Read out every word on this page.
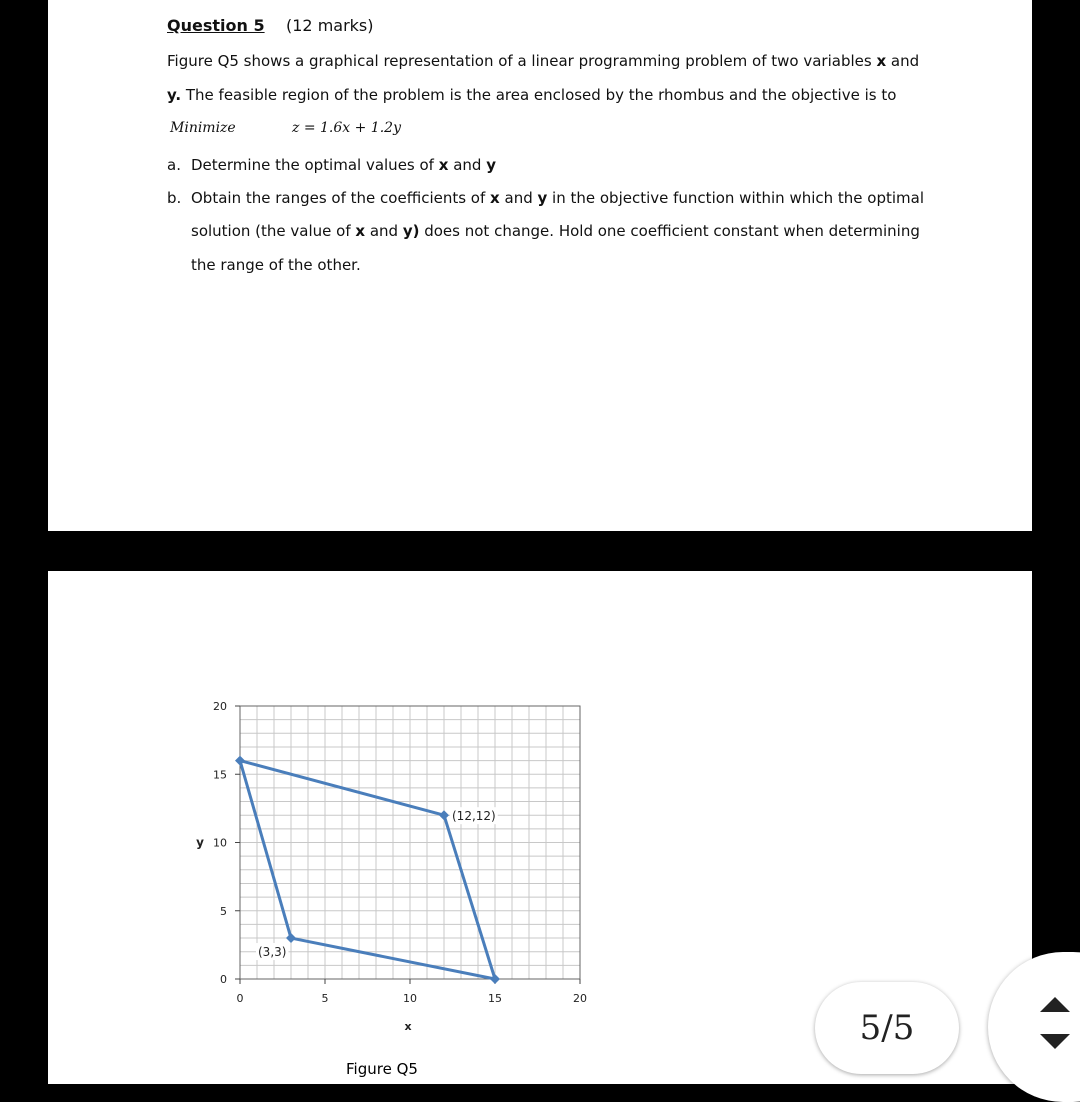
Question 5 (12 marks)
Figure Q5 shows a graphical representation of a linear programming problem of two variables x and
y. The feasible region of the problem is the area enclosed by the rhombus and the objective is to
Minimize	z = 1.6x + 1.2y
a. Determine the optimal values of x and y
b. Obtain the ranges of the coefficients of x and y in the objective function within which the optimal
solution (the value of x and y) does not change. Hold one coefficient constant when determining
the range of the other.
0	5	10	15	20
0
5
10
15
20
x
y
(12,12)
(3,3)
Figure Q5
5/5
